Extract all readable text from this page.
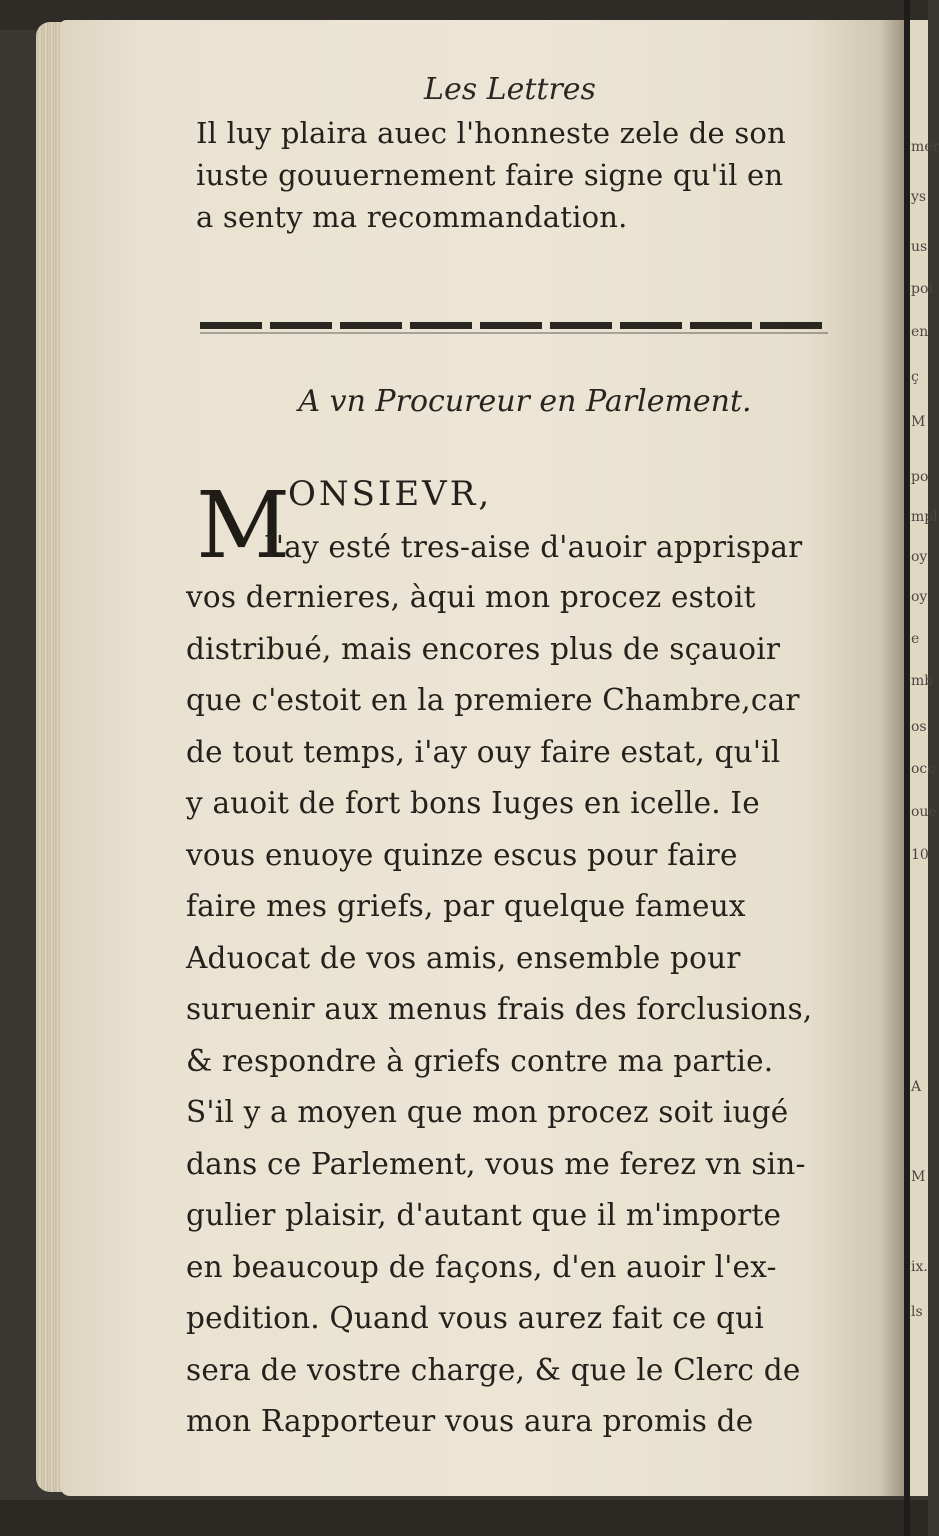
mer
ys
us
poi
en
ç
M
po
mpl
oy
oy
e
mb
os
occ
oue
10
A
M
ix.
ls
Les Lettres
Il luy plaira auec l'honneste zele de son
iuste gouuernement faire signe qu'il en
a senty ma recommandation.
A vn Procureur en Parlement.
M
ONSIEVR,
I'ay esté tres-aise d'auoir apprispar
vos dernieres, àqui mon procez estoit
distribué, mais encores plus de sçauoir
que c'estoit en la premiere Chambre,car
de tout temps, i'ay ouy faire estat, qu'il
y auoit de fort bons Iuges en icelle. Ie
vous enuoye quinze escus pour faire
faire mes griefs, par quelque fameux
Aduocat de vos amis, ensemble pour
suruenir aux menus frais des forclusions,
& respondre à griefs contre ma partie.
S'il y a moyen que mon procez soit iugé
dans ce Parlement, vous me ferez vn sin-
gulier plaisir, d'autant que il m'importe
en beaucoup de façons, d'en auoir l'ex-
pedition. Quand vous aurez fait ce qui
sera de vostre charge, & que le Clerc de
mon Rapporteur vous aura promis de
